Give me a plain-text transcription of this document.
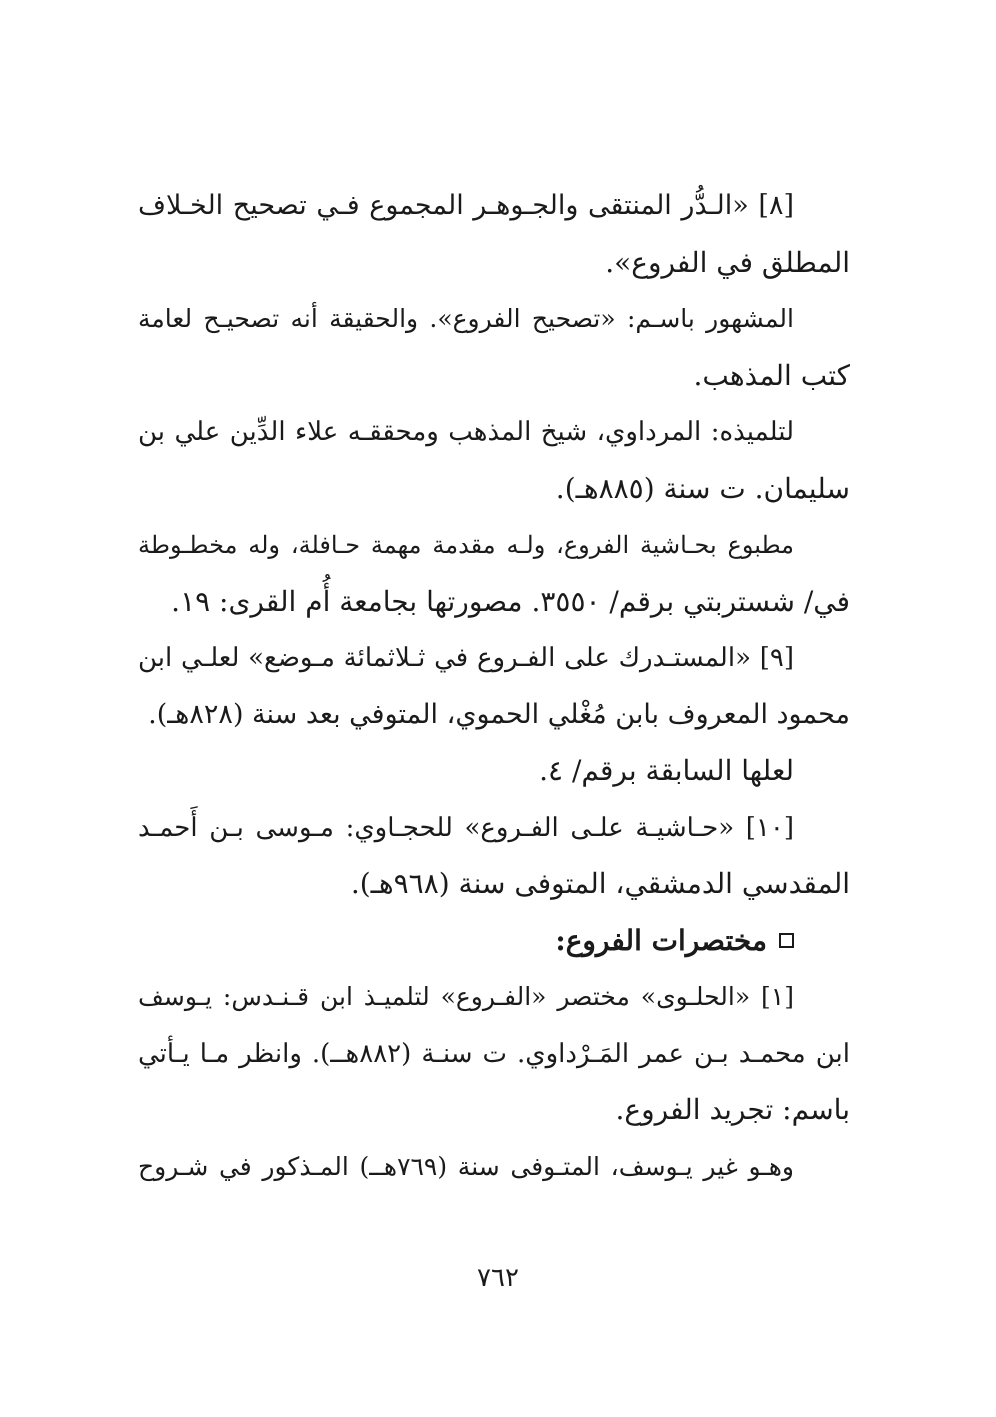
[٨] «الـدُّر المنتقى والجـوهـر المجموع فـي تصحيح الخـلاف
المطلق في الفروع».
المشهور باسـم: «تصحيح الفروع». والحقيقة أنه تصحيـح لعامة
كتب المذهب.
لتلميذه: المرداوي، شيخ المذهب ومحققـه علاء الدِّين علي بن
سليمان. ت سنة (٨٨٥هـ).
مطبوع بحـاشية الفروع، ولـه مقدمة مهمة حـافلة، وله مخطـوطة
في/ شستربتي برقم/ ٣٥٥٠. مصورتها بجامعة أُم القرى: ١٩.
[٩] «المستـدرك على الفـروع في ثـلاثمائة مـوضع» لعلـي ابن
محمود المعروف بابن مُغْلي الحموي، المتوفي بعد سنة (٨٢٨هـ).
لعلها السابقة برقم/ ٤.
[١٠] «حـاشيـة علـى الفـروع» للحجـاوي: مـوسى بـن أَحمـد
المقدسي الدمشقي، المتوفى سنة (٩٦٨هـ).
مختصرات الفروع:
[١] «الحلـوى» مختصر «الفـروع» لتلميـذ ابن قـنـدس: يـوسف
ابن محمـد بـن عمر المَـرْداوي. ت سنـة (٨٨٢هــ). وانظر مـا يـأتي
باسم: تجريد الفروع.
وهـو غير يـوسف، المتـوفى سنة (٧٦٩هــ) المـذكور في شـروح
٧٦٢
